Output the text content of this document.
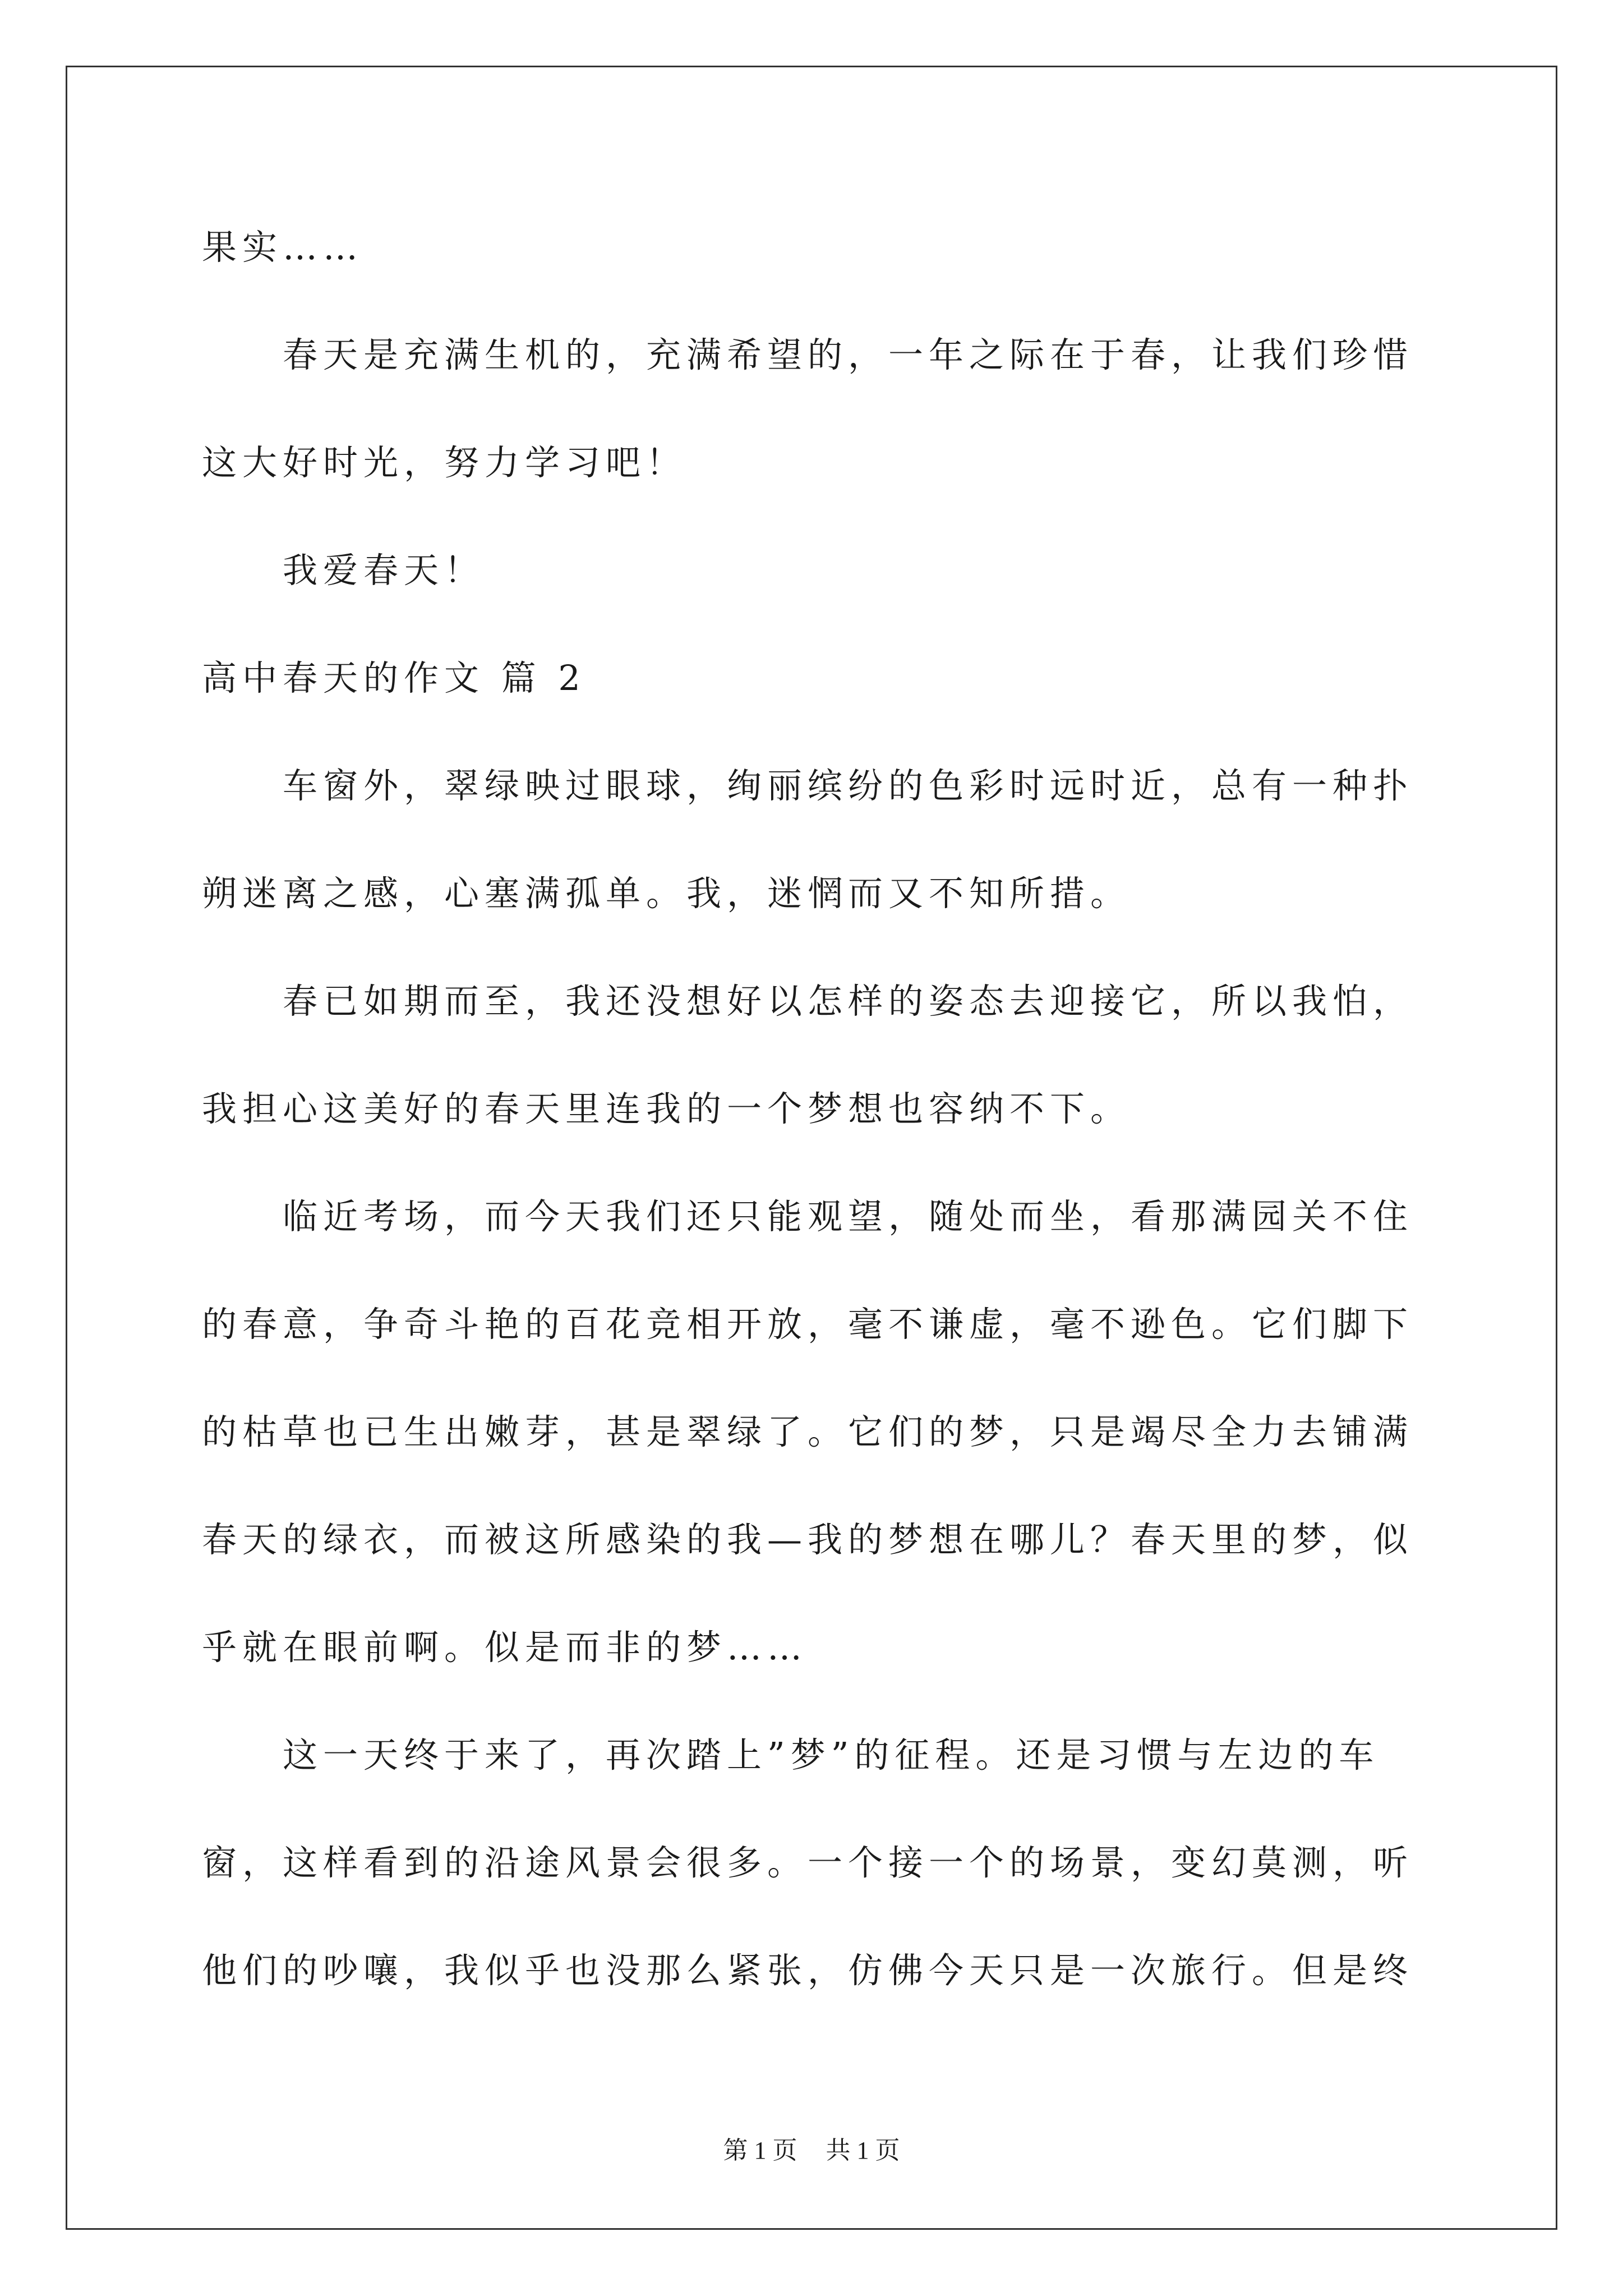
果实……

春天是充满生机的，充满希望的，一年之际在于春，让我们珍惜

这大好时光，努力学习吧！

我爱春天！

高中春天的作文 篇 2

车窗外，翠绿映过眼球，绚丽缤纷的色彩时远时近，总有一种扑

朔迷离之感，心塞满孤单。我，迷惘而又不知所措。

春已如期而至，我还没想好以怎样的姿态去迎接它，所以我怕，

我担心这美好的春天里连我的一个梦想也容纳不下。

临近考场，而今天我们还只能观望，随处而坐，看那满园关不住

的春意，争奇斗艳的百花竞相开放，毫不谦虚，毫不逊色。它们脚下

的枯草也已生出嫩芽，甚是翠绿了。它们的梦，只是竭尽全力去铺满

春天的绿衣，而被这所感染的我—我的梦想在哪儿？春天里的梦，似

乎就在眼前啊。似是而非的梦……

这一天终于来了，再次踏上”梦”的征程。还是习惯与左边的车

窗，这样看到的沿途风景会很多。一个接一个的场景，变幻莫测，听

他们的吵嚷，我似乎也没那么紧张，仿佛今天只是一次旅行。但是终

第 1 页 共 1 页
